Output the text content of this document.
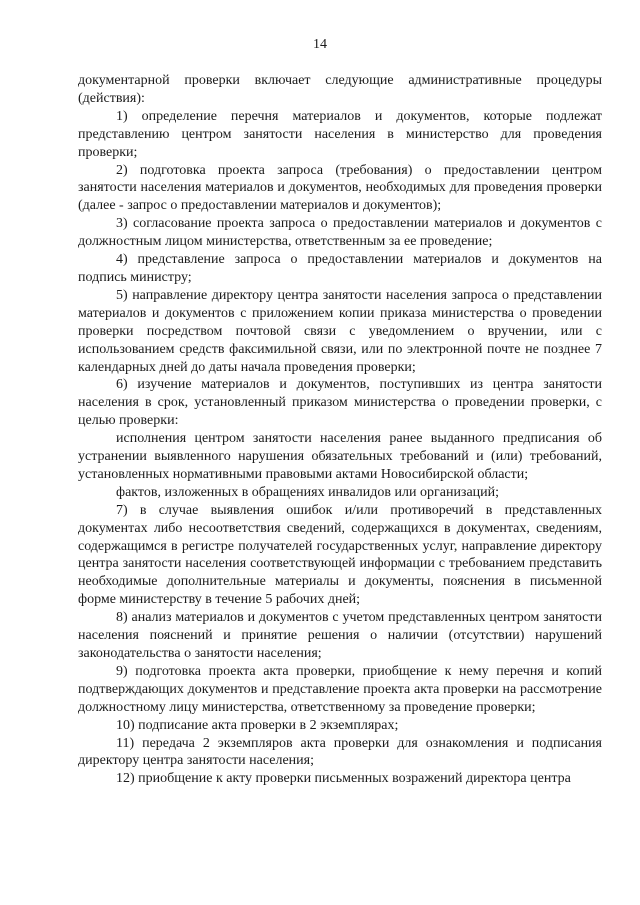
14

документарной проверки включает следующие административные процедуры (действия):

1) определение перечня материалов и документов, которые подлежат представлению центром занятости населения в министерство для проведения проверки;

2) подготовка проекта запроса (требования) о предоставлении центром занятости населения материалов и документов, необходимых для проведения проверки (далее - запрос о предоставлении материалов и документов);

3) согласование проекта запроса о предоставлении материалов и документов с должностным лицом министерства, ответственным за ее проведение;

4) представление запроса о предоставлении материалов и документов на подпись министру;

5) направление директору центра занятости населения запроса о представлении материалов и документов с приложением копии приказа министерства о проведении проверки посредством почтовой связи с уведомлением о вручении, или с использованием средств факсимильной связи, или по электронной почте не позднее 7 календарных дней до даты начала проведения проверки;

6) изучение материалов и документов, поступивших из центра занятости населения в срок, установленный приказом министерства о проведении проверки, с целью проверки:

исполнения центром занятости населения ранее выданного предписания об устранении выявленного нарушения обязательных требований и (или) требований, установленных нормативными правовыми актами Новосибирской области;

фактов, изложенных в обращениях инвалидов или организаций;

7) в случае выявления ошибок и/или противоречий в представленных документах либо несоответствия сведений, содержащихся в документах, сведениям, содержащимся в регистре получателей государственных услуг, направление директору центра занятости населения соответствующей информации с требованием представить необходимые дополнительные материалы и документы, пояснения в письменной форме министерству в течение 5 рабочих дней;

8) анализ материалов и документов с учетом представленных центром занятости населения пояснений и принятие решения о наличии (отсутствии) нарушений законодательства о занятости населения;

9) подготовка проекта акта проверки, приобщение к нему перечня и копий подтверждающих документов и представление проекта акта проверки на рассмотрение должностному лицу министерства, ответственному за проведение проверки;

10) подписание акта проверки в 2 экземплярах;

11) передача 2 экземпляров акта проверки для ознакомления и подписания директору центра занятости населения;

12) приобщение к акту проверки письменных возражений директора центра
